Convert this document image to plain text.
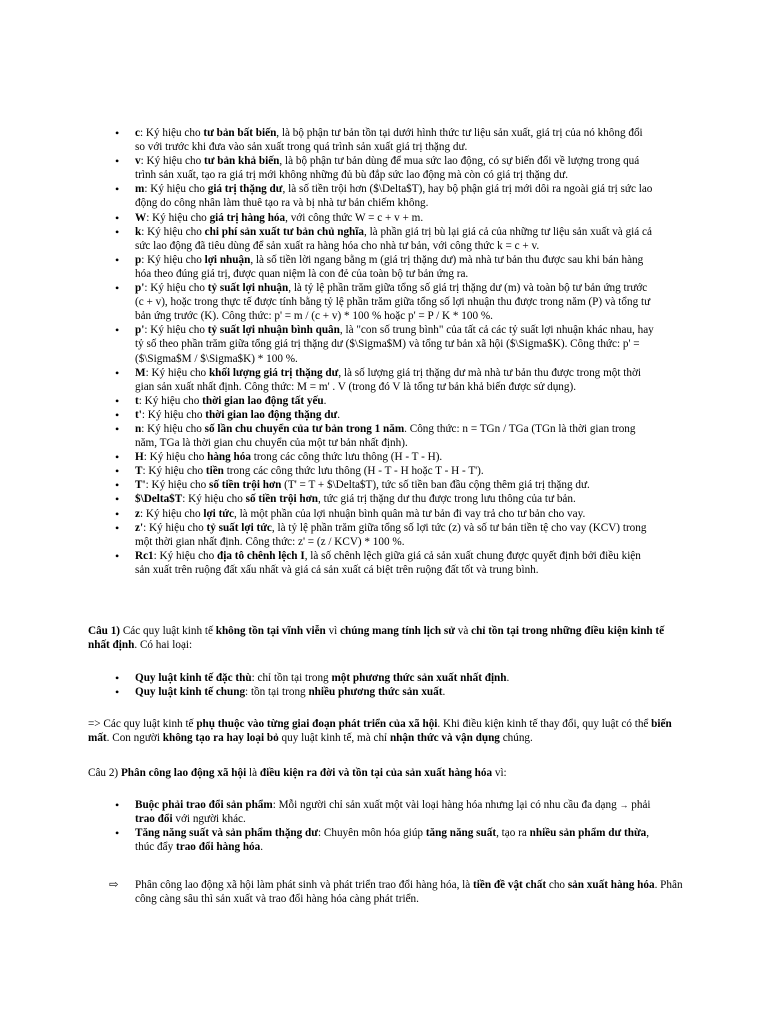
• c: Ký hiệu cho tư bản bất biến, là bộ phận tư bản tồn tại dưới hình thức tư liệu sản xuất, giá trị của nó không đổi so với trước khi đưa vào sản xuất trong quá trình sản xuất giá trị thặng dư.
• v: Ký hiệu cho tư bản khả biến, là bộ phận tư bản dùng để mua sức lao động, có sự biến đổi về lượng trong quá trình sản xuất, tạo ra giá trị mới không những đủ bù đắp sức lao động mà còn có giá trị thặng dư.
• m: Ký hiệu cho giá trị thặng dư, là số tiền trội hơn ($\Delta$T), hay bộ phận giá trị mới dôi ra ngoài giá trị sức lao động do công nhân làm thuê tạo ra và bị nhà tư bản chiếm không.
• W: Ký hiệu cho giá trị hàng hóa, với công thức W = c + v + m.
• k: Ký hiệu cho chi phí sản xuất tư bản chủ nghĩa, là phần giá trị bù lại giá cả của những tư liệu sản xuất và giá cả sức lao động đã tiêu dùng để sản xuất ra hàng hóa cho nhà tư bản, với công thức k = c + v.
• p: Ký hiệu cho lợi nhuận, là số tiền lời ngang bằng m (giá trị thặng dư) mà nhà tư bản thu được sau khi bán hàng hóa theo đúng giá trị, được quan niệm là con đẻ của toàn bộ tư bản ứng ra.
• p': Ký hiệu cho tỷ suất lợi nhuận, là tỷ lệ phần trăm giữa tổng số giá trị thặng dư (m) và toàn bộ tư bản ứng trước (c + v), hoặc trong thực tế được tính bằng tỷ lệ phần trăm giữa tổng số lợi nhuận thu được trong năm (P) và tổng tư bản ứng trước (K). Công thức: p' = m / (c + v) * 100 % hoặc p' = P / K * 100 %.
• p': Ký hiệu cho tỷ suất lợi nhuận bình quân, là "con số trung bình" của tất cả các tỷ suất lợi nhuận khác nhau, hay tỷ số theo phần trăm giữa tổng giá trị thặng dư ($\Sigma$M) và tổng tư bản xã hội ($\Sigma$K). Công thức: p' = ($\Sigma$M / $\Sigma$K) * 100 %.
• M: Ký hiệu cho khối lượng giá trị thặng dư, là số lượng giá trị thặng dư mà nhà tư bản thu được trong một thời gian sản xuất nhất định. Công thức: M = m' . V (trong đó V là tổng tư bản khả biến được sử dụng).
• t: Ký hiệu cho thời gian lao động tất yếu.
• t': Ký hiệu cho thời gian lao động thặng dư.
• n: Ký hiệu cho số lần chu chuyển của tư bản trong 1 năm. Công thức: n = TGn / TGa (TGn là thời gian trong năm, TGa là thời gian chu chuyển của một tư bản nhất định).
• H: Ký hiệu cho hàng hóa trong các công thức lưu thông (H - T - H).
• T: Ký hiệu cho tiền trong các công thức lưu thông (H - T - H hoặc T - H - T').
• T': Ký hiệu cho số tiền trội hơn (T' = T + $\Delta$T), tức số tiền ban đầu cộng thêm giá trị thặng dư.
• $\Delta$T: Ký hiệu cho số tiền trội hơn, tức giá trị thặng dư thu được trong lưu thông của tư bản.
• z: Ký hiệu cho lợi tức, là một phần của lợi nhuận bình quân mà tư bản đi vay trả cho tư bản cho vay.
• z': Ký hiệu cho tỷ suất lợi tức, là tỷ lệ phần trăm giữa tổng số lợi tức (z) và số tư bản tiền tệ cho vay (KCV) trong một thời gian nhất định. Công thức: z' = (z / KCV) * 100 %.
• Rc1: Ký hiệu cho địa tô chênh lệch I, là số chênh lệch giữa giá cả sản xuất chung được quyết định bởi điều kiện sản xuất trên ruộng đất xấu nhất và giá cả sản xuất cá biệt trên ruộng đất tốt và trung bình.

Câu 1) Các quy luật kinh tế không tồn tại vĩnh viễn vì chúng mang tính lịch sử và chỉ tồn tại trong những điều kiện kinh tế nhất định. Có hai loại:

• Quy luật kinh tế đặc thù: chỉ tồn tại trong một phương thức sản xuất nhất định.
• Quy luật kinh tế chung: tồn tại trong nhiều phương thức sản xuất.

=> Các quy luật kinh tế phụ thuộc vào từng giai đoạn phát triển của xã hội. Khi điều kiện kinh tế thay đổi, quy luật có thể biến mất. Con người không tạo ra hay loại bỏ quy luật kinh tế, mà chỉ nhận thức và vận dụng chúng.

Câu 2) Phân công lao động xã hội là điều kiện ra đời và tồn tại của sản xuất hàng hóa vì:

• Buộc phải trao đổi sản phẩm: Mỗi người chỉ sản xuất một vài loại hàng hóa nhưng lại có nhu cầu đa dạng → phải trao đổi với người khác.
• Tăng năng suất và sản phẩm thặng dư: Chuyên môn hóa giúp tăng năng suất, tạo ra nhiều sản phẩm dư thừa, thúc đẩy trao đổi hàng hóa.

⇨ Phân công lao động xã hội làm phát sinh và phát triển trao đổi hàng hóa, là tiền đề vật chất cho sản xuất hàng hóa. Phân công càng sâu thì sản xuất và trao đổi hàng hóa càng phát triển.
